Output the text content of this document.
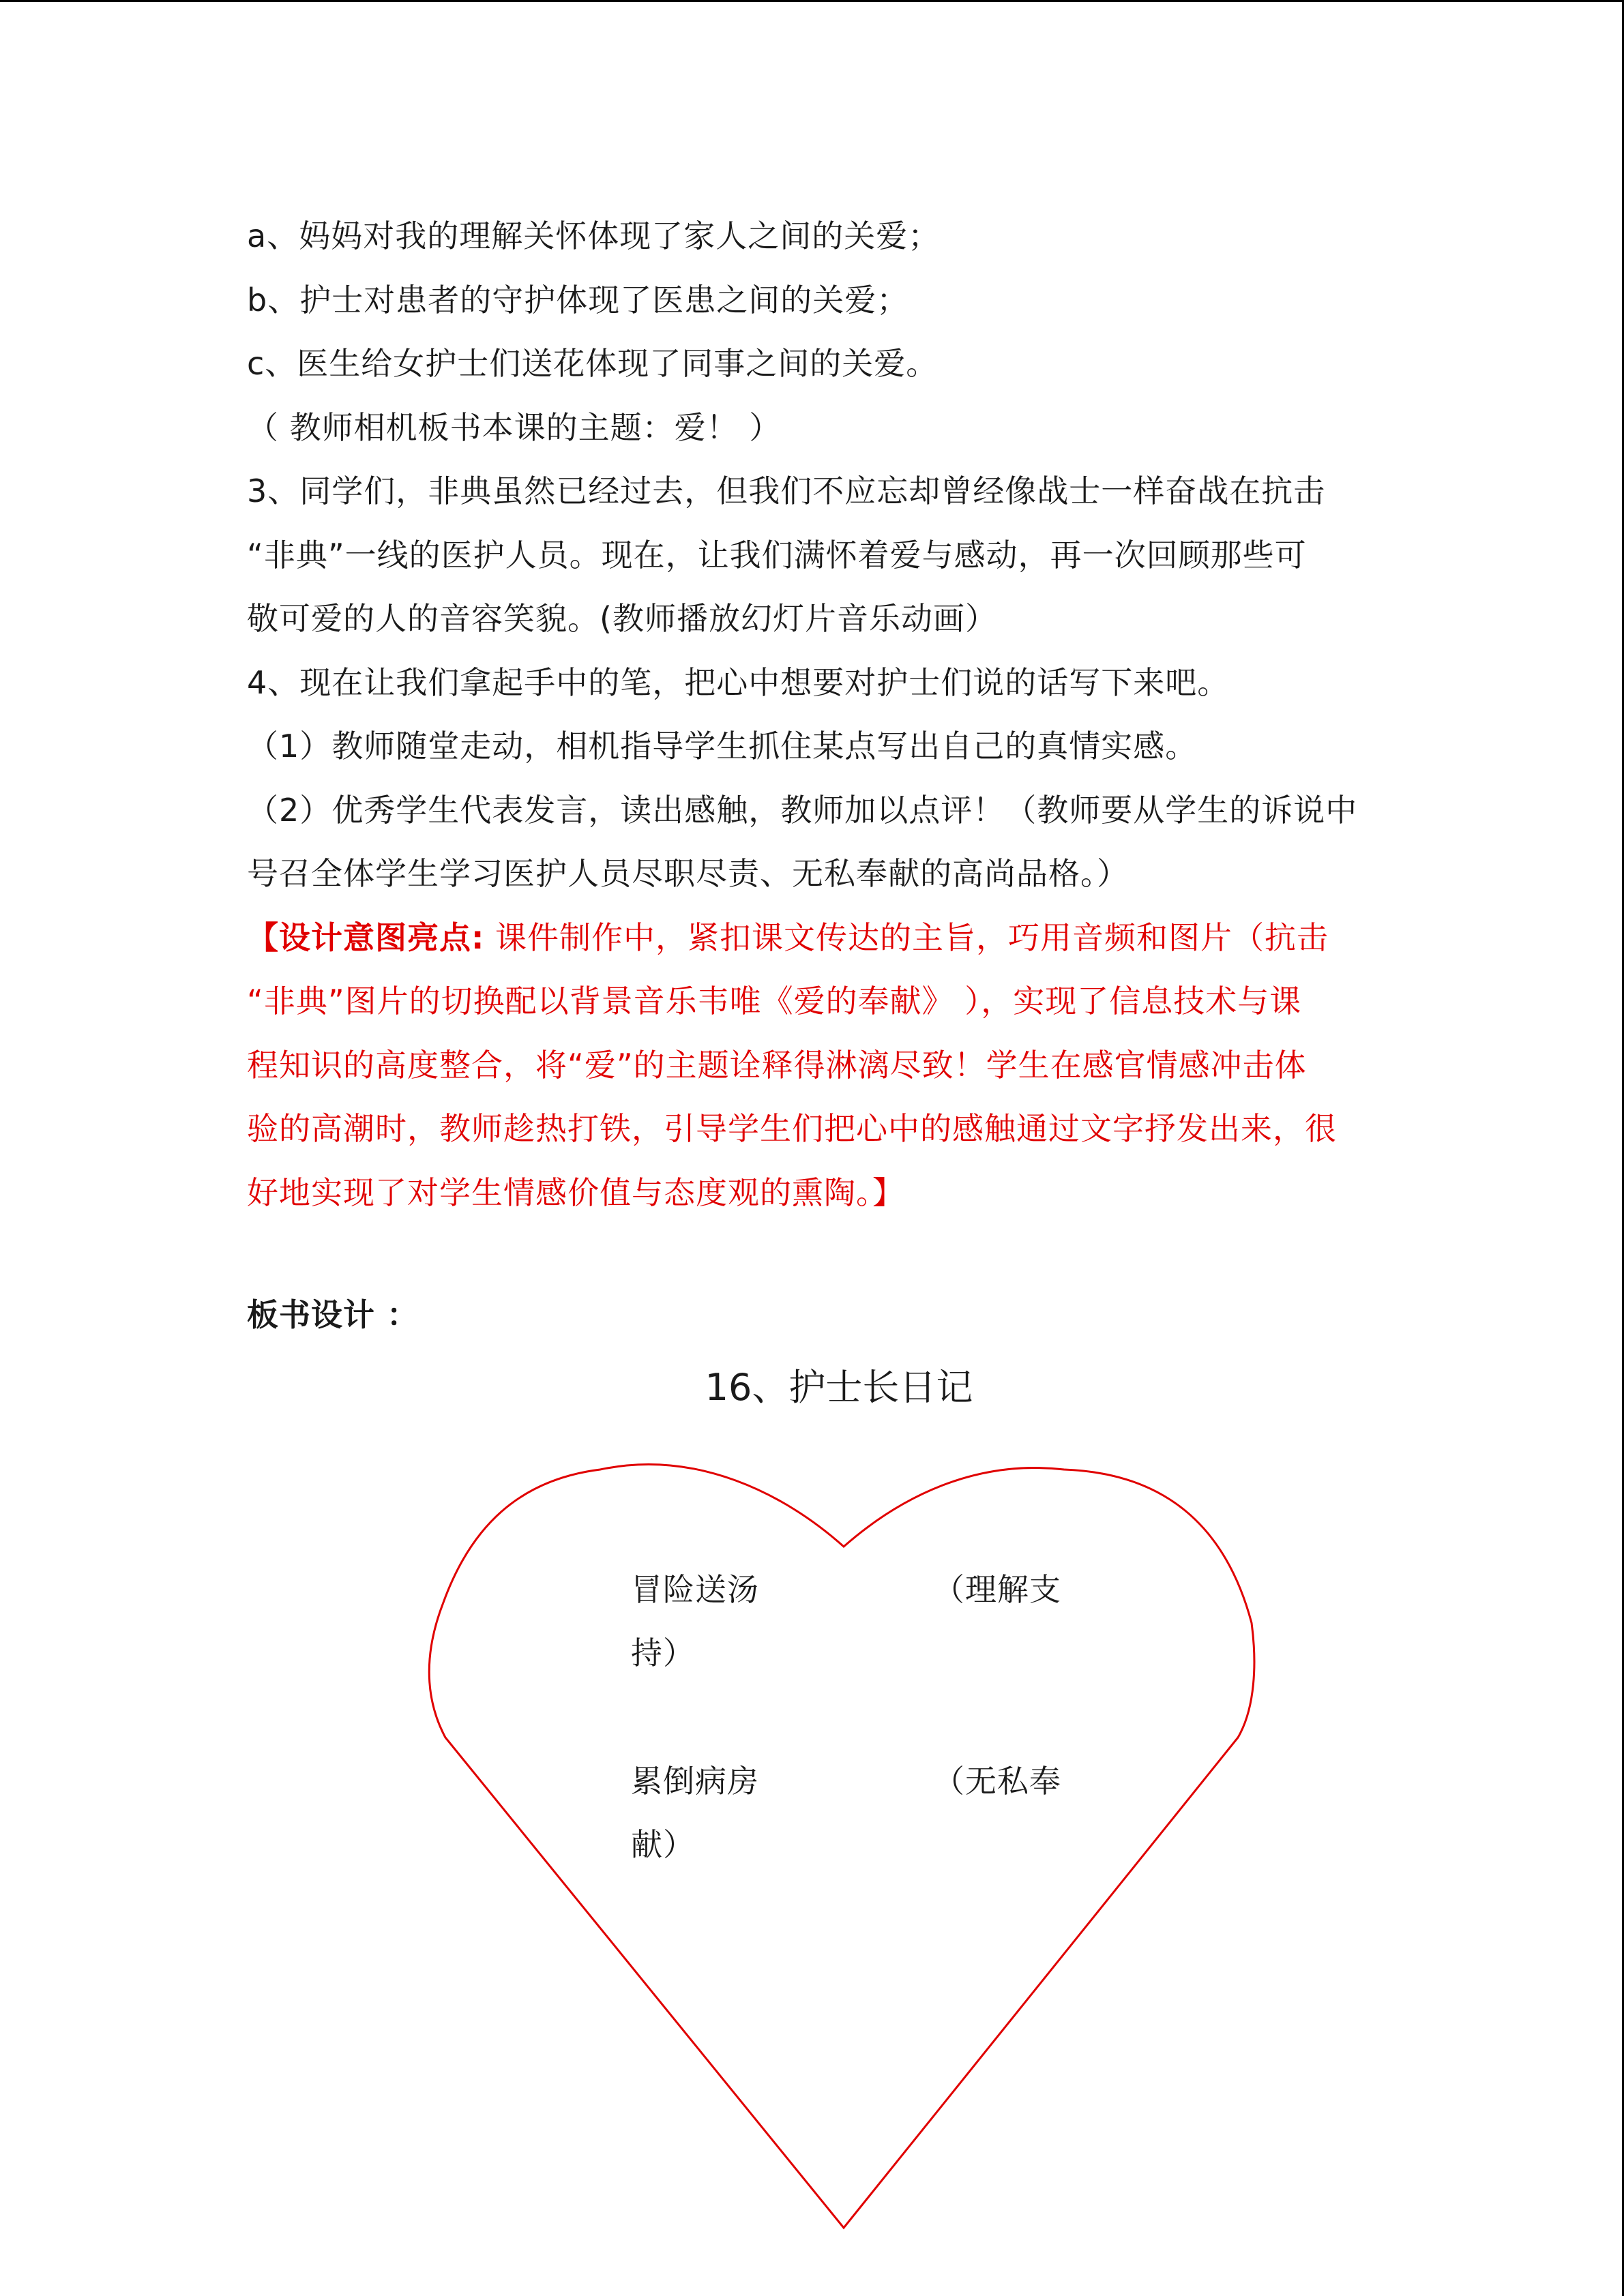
a、妈妈对我的理解关怀体现了家人之间的关爱；

b、护士对患者的守护体现了医患之间的关爱；

c、医生给女护士们送花体现了同事之间的关爱。

（ 教师相机板书本课的主题：爱！ ）

3、同学们，非典虽然已经过去，但我们不应忘却曾经像战士一样奋战在抗击

“非典”一线的医护人员。现在，让我们满怀着爱与感动，再一次回顾那些可

敬可爱的人的音容笑貌。(教师播放幻灯片音乐动画）

4、现在让我们拿起手中的笔，把心中想要对护士们说的话写下来吧。

（1）教师随堂走动，相机指导学生抓住某点写出自己的真情实感。

（2）优秀学生代表发言，读出感触，教师加以点评！（教师要从学生的诉说中

号召全体学生学习医护人员尽职尽责、无私奉献的高尚品格。）

【设计意图亮点: 课件制作中，紧扣课文传达的主旨，巧用音频和图片（抗击

“非典”图片的切换配以背景音乐韦唯《爱的奉献》 ），实现了信息技术与课

程知识的高度整合，将“爱”的主题诠释得淋漓尽致！学生在感官情感冲击体

验的高潮时，教师趁热打铁，引导学生们把心中的感触通过文字抒发出来，很

好地实现了对学生情感价值与态度观的熏陶。】

板书设计 ：
16、护士长日记
冒险送汤	（理解支
持）
累倒病房	（无私奉
献）
